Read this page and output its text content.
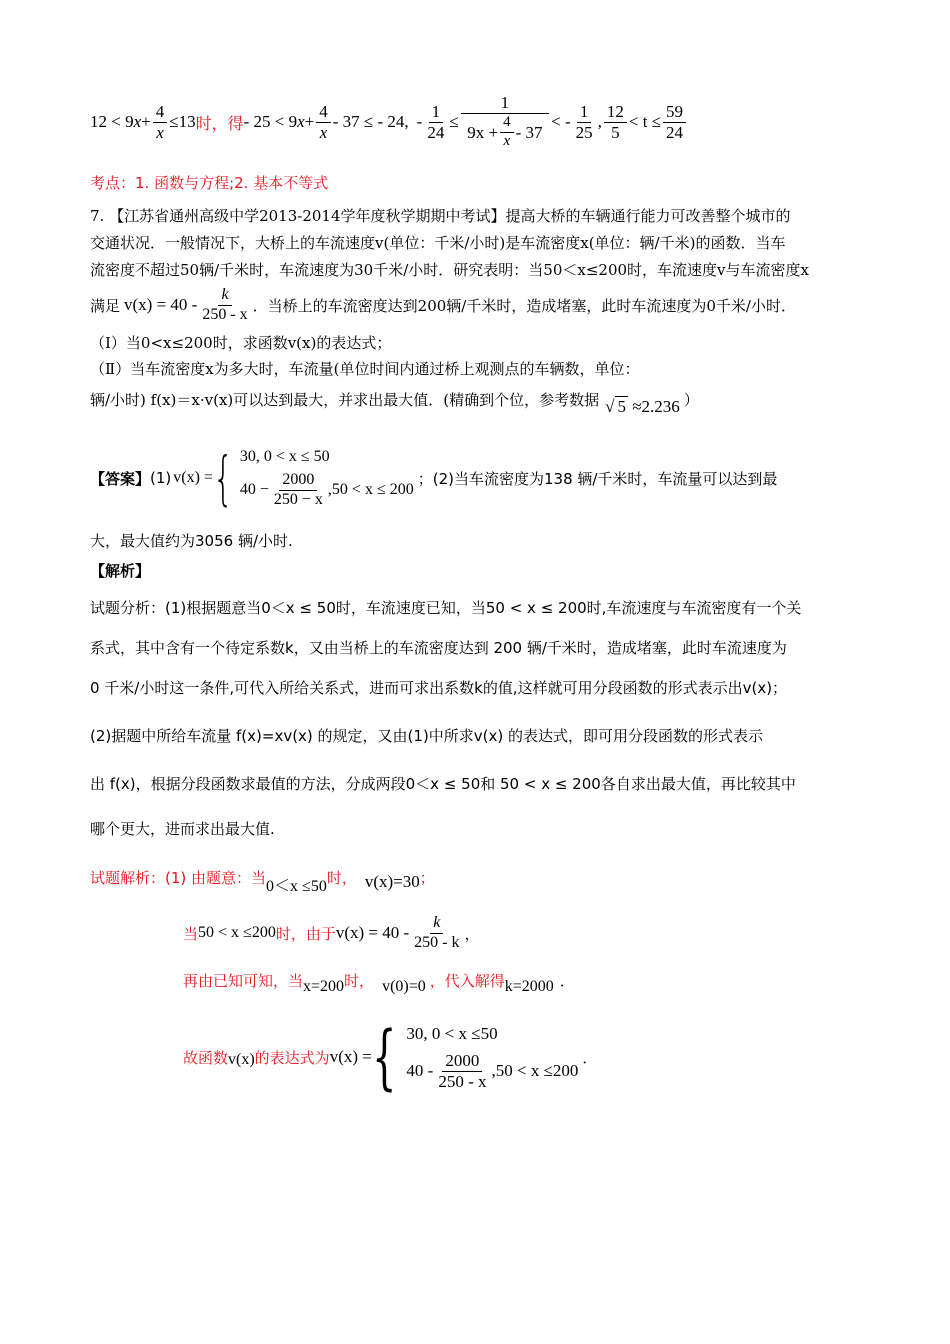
12 < 9 $x + \frac{4}{x} \le 13$ 时，得 - 25 < 9 $x + \frac{4}{x} - 37$ ≤ - 24, - $\frac{1}{24} \le \frac{1}{9x + \frac{4}{x} - 37}$ < - $\frac{1}{25}$ , $\frac{12}{5} < t \le \frac{59}{24}$
考点：1. 函数与方程;2. 基本不等式
7. 【江苏省通州高级中学2013-2014学年度秋学期期中考试】提高大桥的车辆通行能力可改善整个城市的
交通状况．一般情况下，大桥上的车流速度v(单位：千米/小时)是车流密度x(单位：辆/千米)的函数．当车
流密度不超过50辆/千米时，车流速度为30千米/小时．研究表明：当50＜x≤200时，车流速度v与车流密度x
满足 $v(x) = 40 - \frac{k}{250 - x}$ ．当桥上的车流密度达到200辆/千米时，造成堵塞，此时车流速度为0千米/小时．
（Ⅰ）当0<x≤200时，求函数v(x)的表达式；
（Ⅱ）当车流密度x为多大时，车流量(单位时间内通过桥上观测点的车辆数，单位：
辆/小时) f(x)＝x·v(x)可以达到最大，并求出最大值．(精确到个位，参考数据 √ 5 ≈2.236 ）
【答案】 (1) v(x) = { 30, 0 < x ≤ 50
$40 - \frac{2000}{250 - x} ,50 < x \le 200$
；(2)当车流密度为138 辆/千米时，车流量可以达到最
大，最大值约为3056 辆/小时.
【解析】
试题分析：(1)根据题意当0＜x ≤ 50时，车流速度已知，当50 < x ≤ 200时,车流速度与车流密度有一个关
系式，其中含有一个待定系数k，又由当桥上的车流密度达到 200 辆/千米时，造成堵塞，此时车流速度为
0 千米/小时这一条件,可代入所给关系式，进而可求出系数k的值,这样就可用分段函数的形式表示出v(x)；
(2)据题中所给车流量 f(x)=xv(x) 的规定，又由(1)中所求v(x) 的表达式，即可用分段函数的形式表示
出 f(x)，根据分段函数求最值的方法，分成两段0＜x ≤ 50和 50 < x ≤ 200各自求出最大值，再比较其中
哪个更大，进而求出最大值.
试题解析：(1) 由题意：当 0＜x ≤50 时， v(x)=30 ；
当 50 < x ≤200 时，由于 $v(x) = 40 - \frac{k}{250 - k}$ ，
再由已知可知，当 x=200 时， v(0)=0 ，代入解得 k=2000 ．
故函数 v(x) 的表达式为 v(x) = { 30, 0 < x ≤50
$40 - \frac{2000}{250 - x} ,50 < x \le 200$
．
